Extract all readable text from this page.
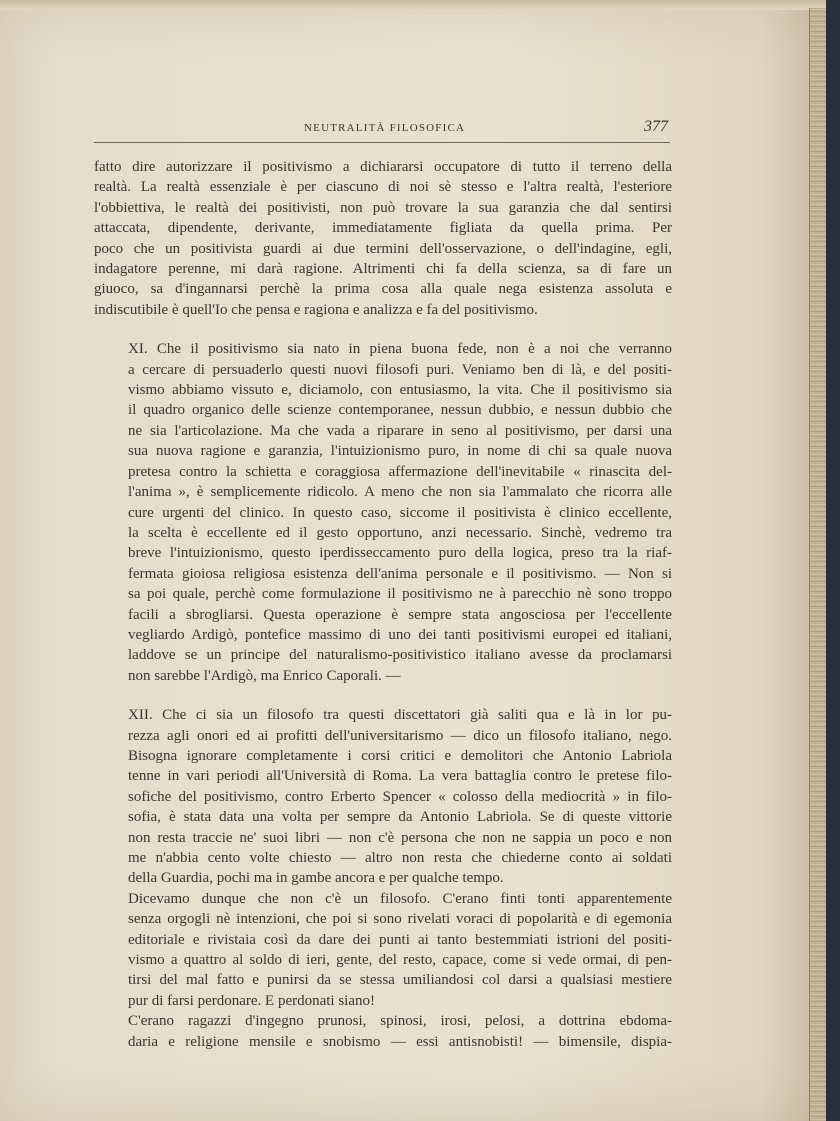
NEUTRALITÀ FILOSOFICA	377

fatto dire autorizzare il positivismo a dichiararsi occupatore di tutto il terreno della
realtà. La realtà essenziale è per ciascuno di noi sè stesso e l'altra realtà, l'esteriore
l'obbiettiva, le realtà dei positivisti, non può trovare la sua garanzia che dal sentirsi
attaccata, dipendente, derivante, immediatamente figliata da quella prima. Per
poco che un positivista guardi ai due termini dell'osservazione, o dell'indagine, egli,
indagatore perenne, mi darà ragione. Altrimenti chi fa della scienza, sa di fare un
giuoco, sa d'ingannarsi perchè la prima cosa alla quale nega esistenza assoluta e
indiscutibile è quell'Io che pensa e ragiona e analizza e fa del positivismo.

XI. Che il positivismo sia nato in piena buona fede, non è a noi che verranno
a cercare di persuaderlo questi nuovi filosofi puri. Veniamo ben di là, e del positi-
vismo abbiamo vissuto e, diciamolo, con entusiasmo, la vita. Che il positivismo sia
il quadro organico delle scienze contemporanee, nessun dubbio, e nessun dubbio che
ne sia l'articolazione. Ma che vada a riparare in seno al positivismo, per darsi una
sua nuova ragione e garanzia, l'intuizionismo puro, in nome di chi sa quale nuova
pretesa contro la schietta e coraggiosa affermazione dell'inevitabile « rinascita del-
l'anima », è semplicemente ridicolo. A meno che non sia l'ammalato che ricorra alle
cure urgenti del clinico. In questo caso, siccome il positivista è clinico eccellente,
la scelta è eccellente ed il gesto opportuno, anzi necessario. Sinchè, vedremo tra
breve l'intuizionismo, questo iperdisseccamento puro della logica, preso tra la riaf-
fermata gioiosa religiosa esistenza dell'anima personale e il positivismo. — Non si
sa poi quale, perchè come formulazione il positivismo ne à parecchio nè sono troppo
facili a sbrogliarsi. Questa operazione è sempre stata angosciosa per l'eccellente
vegliardo Ardigò, pontefice massimo di uno dei tanti positivismi europei ed italiani,
laddove se un principe del naturalismo-positivistico italiano avesse da proclamarsi
non sarebbe l'Ardigò, ma Enrico Caporali. —

XII. Che ci sia un filosofo tra questi discettatori già saliti qua e là in lor pu-
rezza agli onori ed ai profitti dell'universitarismo — dico un filosofo italiano, nego.
Bisogna ignorare completamente i corsi critici e demolitori che Antonio Labriola
tenne in vari periodi all'Università di Roma. La vera battaglia contro le pretese filo-
sofiche del positivismo, contro Erberto Spencer « colosso della mediocrità » in filo-
sofia, è stata data una volta per sempre da Antonio Labriola. Se di queste vittorie
non resta traccie ne' suoi libri — non c'è persona che non ne sappia un poco e non
me n'abbia cento volte chiesto — altro non resta che chiederne conto ai soldati
della Guardia, pochi ma in gambe ancora e per qualche tempo.

Dicevamo dunque che non c'è un filosofo. C'erano finti tonti apparentemente
senza orgogli nè intenzioni, che poi si sono rivelati voraci di popolarità e di egemonia
editoriale e rivistaia così da dare dei punti ai tanto bestemmiati istrioni del positi-
vismo a quattro al soldo di ieri, gente, del resto, capace, come si vede ormai, di pen-
tirsi del mal fatto e punirsi da se stessa umiliandosi col darsi a qualsiasi mestiere
pur di farsi perdonare. E perdonati siano!

C'erano ragazzi d'ingegno prunosi, spinosi, irosi, pelosi, a dottrina ebdoma-
daria e religione mensile e snobismo — essi antisnobisti! — bimensile, dispia-
